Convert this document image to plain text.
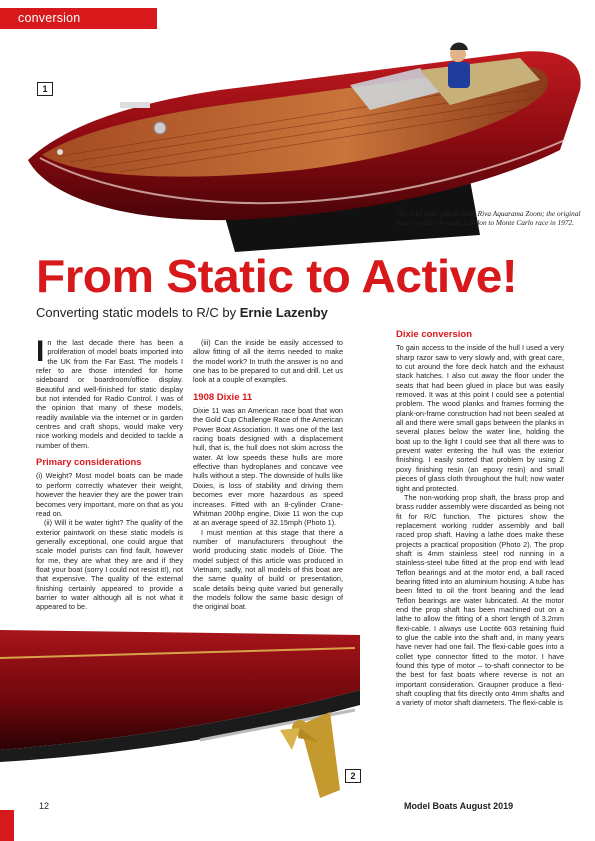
conversion
1
The 1/10 scale (88cm long) Riva Aquarama Zoom; the original boat won the 14-stage, London to Monte Carlo race in 1972.
From Static to Active!
Converting static models to R/C by Ernie Lazenby

In the last decade there has been a proliferation of model boats imported into the UK from the Far East. The models I refer to are those intended for home sideboard or boardroom/office display. Beautiful and well-finished for static display but not intended for Radio Control. I was of the opinion that many of these models, readily available via the internet or in garden centres and craft shops, would make very nice working models and decided to tackle a number of them.

Primary considerations

(i) Weight? Most model boats can be made to perform correctly whatever their weight, however the heavier they are the power train becomes very important, more on that as you read on.

(ii) Will it be water tight? The quality of the exterior paintwork on these static models is generally exceptional, one could argue that scale model purists can find fault, however for me, they are what they are and if they float your boat (sorry I could not resist it!), not that expensive. The quality of the external finishing certainly appeared to provide a barrier to water although all is not what it appeared to be.

(iii) Can the inside be easily accessed to allow fitting of all the items needed to make the model work? In truth the answer is no and one has to be prepared to cut and drill. Let us look at a couple of examples.

1908 Dixie 11

Dixie 11 was an American race boat that won the Gold Cup Challenge Race of the American Power Boat Association. It was one of the last racing boats designed with a displacement hull, that is, the hull does not skim across the water. At low speeds these hulls are more effective than hydroplanes and concave vee hulls without a step. The downside of hulls like Dixies, is loss of stability and driving them becomes ever more hazardous as speed increases. Fitted with an 8-cylinder Crane-Whitman 200hp engine, Dixie 11 won the cup at an average speed of 32.15mph (Photo 1).

I must mention at this stage that there a number of manufacturers throughout the world producing static models of Dixie. The model subject of this article was produced in Vietnam; sadly, not all models of this boat are the same quality of build or presentation, scale details being quite varied but generally the models follow the same basic design of the original boat.

Dixie conversion

To gain access to the inside of the hull I used a very sharp razor saw to very slowly and, with great care, to cut around the fore deck hatch and the exhaust stack hatches. I also cut away the floor under the seats that had been glued in place but was easily removed. It was at this point I could see a potential problem. The wood planks and frames forming the plank-on-frame construction had not been sealed at all and there were small gaps between the planks in several places below the water line, holding the boat up to the light I could see that all there was to prevent water entering the hull was the exterior finishing. I easily sorted that problem by using Z poxy finishing resin (an epoxy resin) and small pieces of glass cloth throughout the hull; now water tight and protected.

The non-working prop shaft, the brass prop and brass rudder assembly were discarded as being not fit for R/C function. The pictures show the replacement working rudder assembly and ball raced prop shaft. Having a lathe does make these projects a practical proposition (Photo 2). The prop shaft is 4mm stainless steel rod running in a stainless-steel tube fitted at the prop end with lead Teflon bearings and at the motor end, a ball raced bearing fitted into an aluminium housing. A tube has been fitted to oil the front bearing and the lead Teflon bearings are water lubricated. At the motor end the prop shaft has been machined out on a lathe to allow the fitting of a short length of 3.2mm flexi-cable. I always use Loctite 603 retaining fluid to glue the cable into the shaft and, in many years have never had one fail. The flexi-cable goes into a collet type connector fitted to the motor. I have found this type of motor – to-shaft connector to be the best for fast boats where reverse is not an important consideration. Graupner produce a flexi-shaft coupling that fits directly onto 4mm shafts and a variety of motor shaft diameters. The flexi-cable is

2
12	Model Boats August 2019
